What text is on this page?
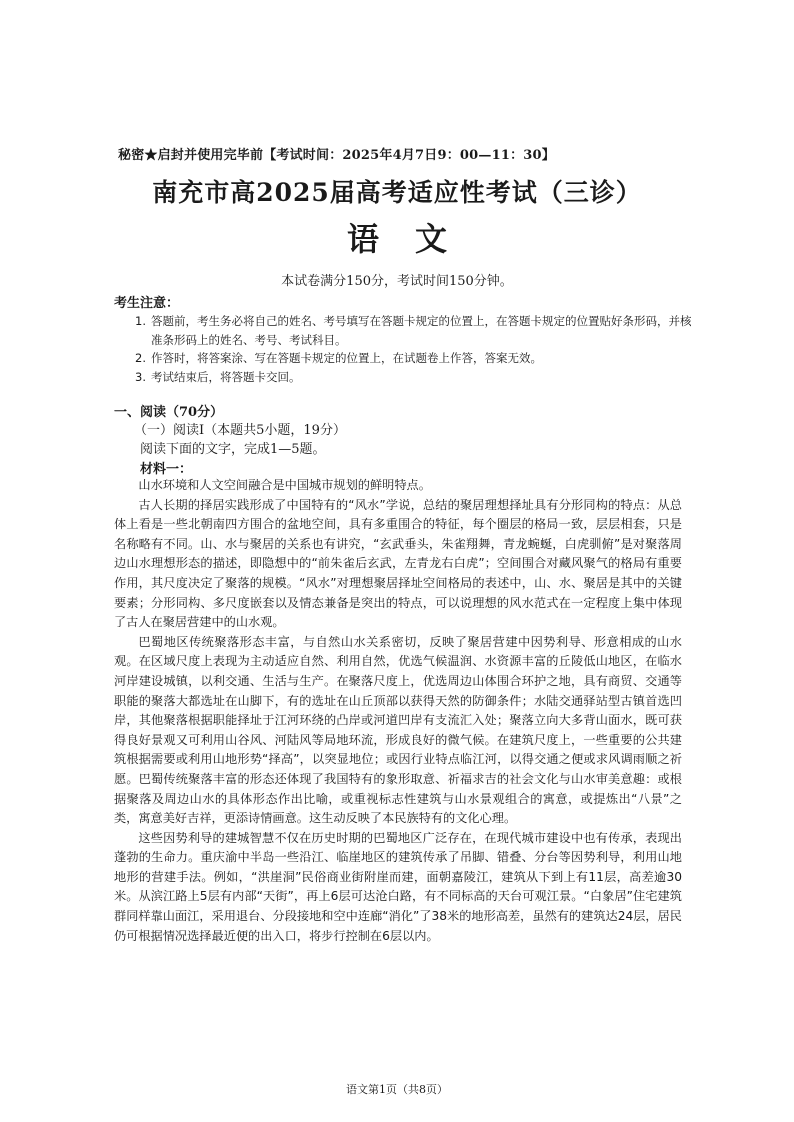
秘密★启封并使用完毕前【考试时间：2025年4月7日9：00—11：30】
南充市高2025届高考适应性考试（三诊）
语 文
本试卷满分150分，考试时间150分钟。
考生注意：
1. 答题前，考生务必将自己的姓名、考号填写在答题卡规定的位置上，在答题卡规定的位置贴好条形码，并核准条形码上的姓名、考号、考试科目。
2. 作答时，将答案涂、写在答题卡规定的位置上，在试题卷上作答，答案无效。
3. 考试结束后，将答题卡交回。
一、阅读（70分）
（一）阅读Ⅰ（本题共5小题，19分）
阅读下面的文字，完成1—5题。
材料一：

山水环境和人文空间融合是中国城市规划的鲜明特点。

古人长期的择居实践形成了中国特有的“风水”学说，总结的聚居理想择址具有分形同构的特点：从总体上看是一些北朝南四方围合的盆地空间，具有多重围合的特征，每个圈层的格局一致，层层相套，只是名称略有不同。山、水与聚居的关系也有讲究，“玄武垂头，朱雀翔舞，青龙蜿蜒，白虎驯俯”是对聚落周边山水理想形态的描述，即隐想中的“前朱雀后玄武，左青龙右白虎”；空间围合对藏风聚气的格局有重要作用，其尺度决定了聚落的规模。“风水”对理想聚居择址空间格局的表述中，山、水、聚居是其中的关键要素；分形同构、多尺度嵌套以及情态兼备是突出的特点，可以说理想的风水范式在一定程度上集中体现了古人在聚居营建中的山水观。

巴蜀地区传统聚落形态丰富，与自然山水关系密切，反映了聚居营建中因势利导、形意相成的山水观。在区域尺度上表现为主动适应自然、利用自然，优选气候温润、水资源丰富的丘陵低山地区，在临水河岸建设城镇，以利交通、生活与生产。在聚落尺度上，优选周边山体围合环护之地，具有商贸、交通等职能的聚落大都选址在山脚下，有的选址在山丘顶部以获得天然的防御条件；水陆交通驿站型古镇首选凹岸，其他聚落根据职能择址于江河环绕的凸岸或河道凹岸有支流汇入处；聚落立向大多背山面水，既可获得良好景观又可利用山谷风、河陆风等局地环流，形成良好的微气候。在建筑尺度上，一些重要的公共建筑根据需要或利用山地形势“择高”，以突显地位；或因行业特点临江河，以得交通之便或求风调雨顺之祈愿。巴蜀传统聚落丰富的形态还体现了我国特有的象形取意、祈福求吉的社会文化与山水审美意趣：或根据聚落及周边山水的具体形态作出比喻，或重视标志性建筑与山水景观组合的寓意，或提炼出“八景”之类，寓意美好吉祥，更添诗情画意。这生动反映了本民族特有的文化心理。

这些因势利导的建城智慧不仅在历史时期的巴蜀地区广泛存在，在现代城市建设中也有传承，表现出蓬勃的生命力。重庆渝中半岛一些沿江、临崖地区的建筑传承了吊脚、错叠、分台等因势利导，利用山地地形的营建手法。例如，“洪崖洞”民俗商业街附崖而建，面朝嘉陵江，建筑从下到上有11层，高差逾30米。从滨江路上5层有内部“天街”，再上6层可达沧白路，有不同标高的天台可观江景。“白象居”住宅建筑群同样靠山面江，采用退台、分段接地和空中连廊“消化”了38米的地形高差，虽然有的建筑达24层，居民仍可根据情况选择最近便的出入口，将步行控制在6层以内。

语文第1页（共8页）
